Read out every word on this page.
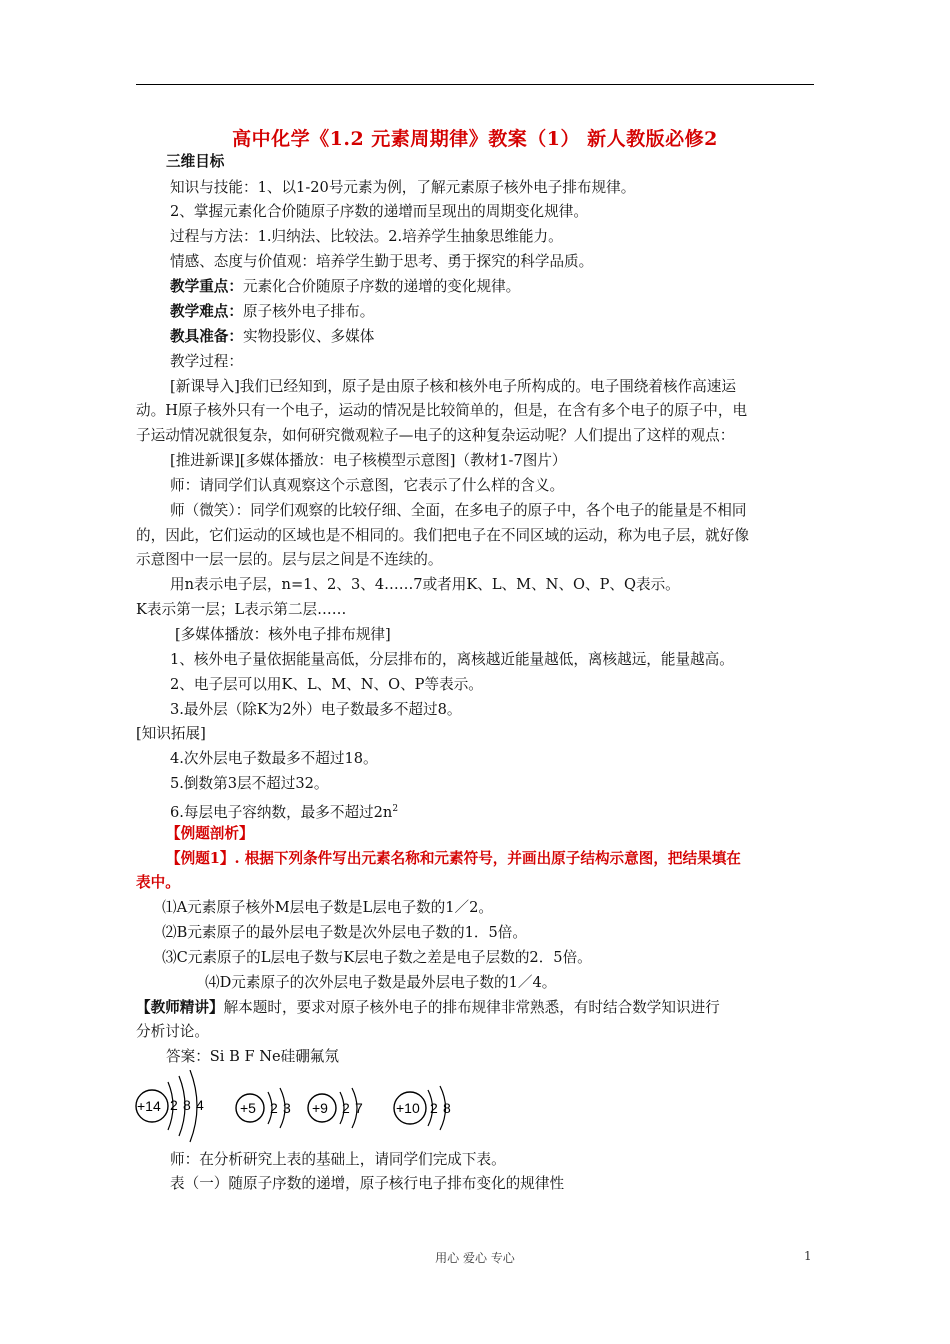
高中化学《1.2 元素周期律》教案（1） 新人教版必修2
三维目标
知识与技能：1、以1-20号元素为例，了解元素原子核外电子排布规律。
2、掌握元素化合价随原子序数的递增而呈现出的周期变化规律。
过程与方法：1.归纳法、比较法。2.培养学生抽象思维能力。
情感、态度与价值观：培养学生勤于思考、勇于探究的科学品质。
教学重点：元素化合价随原子序数的递增的变化规律。
教学难点：原子核外电子排布。
教具准备：实物投影仪、多媒体
教学过程：
[新课导入]我们已经知到，原子是由原子核和核外电子所构成的。电子围绕着核作高速运
动。H原子核外只有一个电子，运动的情况是比较简单的，但是，在含有多个电子的原子中，电
子运动情况就很复杂，如何研究微观粒子—电子的这种复杂运动呢？人们提出了这样的观点：
[推进新课][多媒体播放：电子核模型示意图]（教材1-7图片）
师：请同学们认真观察这个示意图，它表示了什么样的含义。
师（微笑）：同学们观察的比较仔细、全面，在多电子的原子中，各个电子的能量是不相同
的，因此，它们运动的区域也是不相同的。我们把电子在不同区域的运动，称为电子层，就好像
示意图中一层一层的。层与层之间是不连续的。
用n表示电子层，n=1、2、3、4……7或者用K、L、M、N、O、P、Q表示。
K表示第一层；L表示第二层……
[多媒体播放：核外电子排布规律]
1、核外电子量依据能量高低，分层排布的，离核越近能量越低，离核越远，能量越高。
2、电子层可以用K、L、M、N、O、P等表示。
3.最外层（除K为2外）电子数最多不超过8。
[知识拓展]
4.次外层电子数最多不超过18。
5.倒数第3层不超过32。
6.每层电子容纳数，最多不超过$2n^2$
【例题剖析】
【例题1】. 根据下列条件写出元素名称和元素符号，并画出原子结构示意图，把结果填在
表中。
⑴A元素原子核外M层电子数是L层电子数的1／2。
⑵B元素原子的最外层电子数是次外层电子数的1．5倍。
⑶C元素原子的L层电子数与K层电子数之差是电子层数的2．5倍。
⑷D元素原子的次外层电子数是最外层电子数的1／4。
【教师精讲】解本题时，要求对原子核外电子的排布规律非常熟悉，有时结合数学知识进行
分析讨论。
答案：Si B F Ne硅硼氟氖
+14 2 8 4	+5 2 3 +9 2 7 +10 2 8
师：在分析研究上表的基础上，请同学们完成下表。
表（一）随原子序数的递增，原子核行电子排布变化的规律性
用心 爱心 专心	1
